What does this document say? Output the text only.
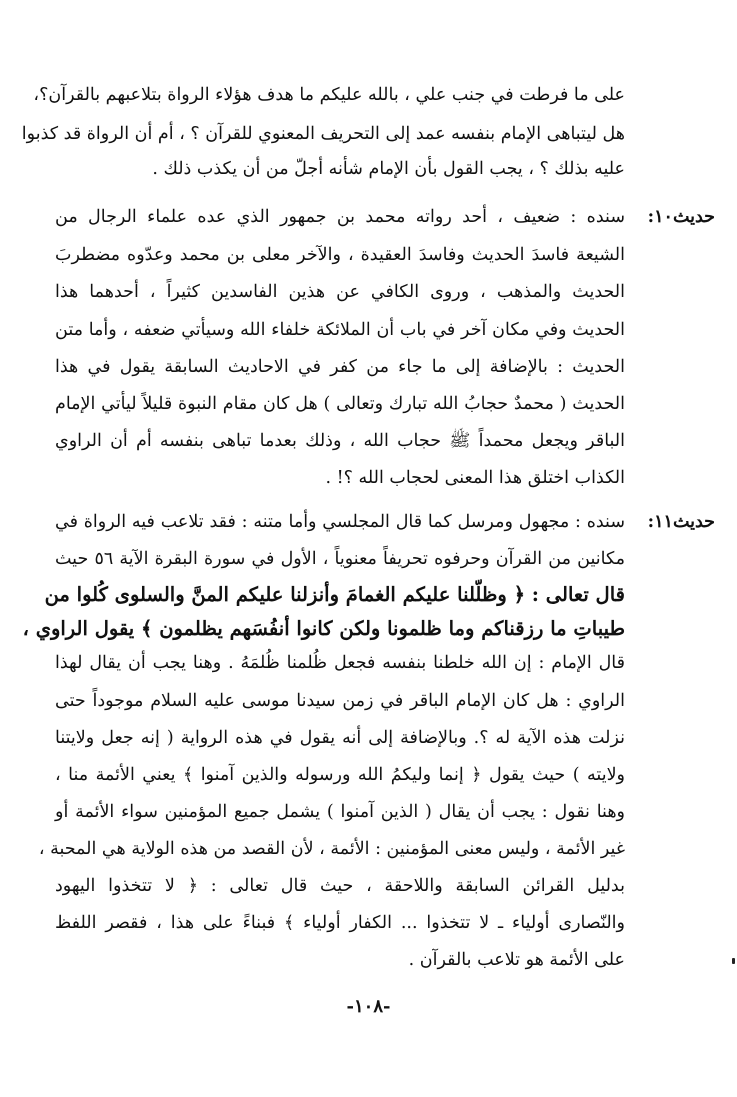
على ما فرطت في جنب علي ، بالله عليكم ما هدف هؤلاء الرواة بتلاعبهم بالقرآن؟،
هل ليتباهى الإمام بنفسه عمد إلى التحريف المعنوي للقرآن ؟ ، أم أن الرواة قد كذبوا
عليه بذلك ؟ ، يجب القول بأن الإمام شأنه أجلّ من أن يكذب ذلك .
حديث١٠:
سنده : ضعيف ، أحد رواته محمد بن جمهور الذي عده علماء الرجال من
الشيعة فاسدَ الحديث وفاسدَ العقيدة ، والآخر معلى بن محمد وعدّوه مضطربَ
الحديث والمذهب ، وروى الكافي عن هذين الفاسدين كثيراً ، أحدهما هذا
الحديث وفي مكان آخر في باب أن الملائكة خلفاء الله وسيأتي ضعفه ، وأما متن
الحديث : بالإضافة إلى ما جاء من كفر في الاحاديث السابقة يقول في هذا
الحديث ( محمدٌ حجابُ الله تبارك وتعالى ) هل كان مقام النبوة قليلاً ليأتي الإمام
الباقر ويجعل محمداً ﷺ حجاب الله ، وذلك بعدما تباهى بنفسه أم أن الراوي
الكذاب اختلق هذا المعنى لحجاب الله ؟! .
حديث١١:
سنده : مجهول ومرسل كما قال المجلسي وأما متنه : فقد تلاعب فيه الرواة في
مكانين من القرآن وحرفوه تحريفاً معنوياً ، الأول في سورة البقرة الآية ٥٦ حيث
قال تعالى : ﴿ وظلّلنا عليكم الغمامَ وأنزلنا عليكم المنَّ والسلوى كُلوا من
طيباتِ ما رزقناكم وما ظلمونا ولكن كانوا أنفُسَهم يظلمون ﴾ يقول الراوي ،
قال الإمام : إن الله خلطنا بنفسه فجعل ظُلمنا ظُلمَهُ . وهنا يجب أن يقال لهذا
الراوي : هل كان الإمام الباقر في زمن سيدنا موسى عليه السلام موجوداً حتى
نزلت هذه الآية له ؟. وبالإضافة إلى أنه يقول في هذه الرواية ( إنه جعل ولايتنا
ولايته ) حيث يقول ﴿ إنما وليكمُ الله ورسوله والذين آمنوا ﴾ يعني الأئمة منا ،
وهنا نقول : يجب أن يقال ( الذين آمنوا ) يشمل جميع المؤمنين سواء الأئمة أو
غير الأئمة ، وليس معنى المؤمنين : الأئمة ، لأن القصد من هذه الولاية هي المحبة ،
بدليل القرائن السابقة واللاحقة ، حيث قال تعالى : ﴿ لا تتخذوا اليهود
والنّصارى أولياء ـ لا تتخذوا ... الكفار أولياء ﴾ فبناءً على هذا ، فقصر اللفظ
على الأئمة هو تلاعب بالقرآن .
-١٠٨-
